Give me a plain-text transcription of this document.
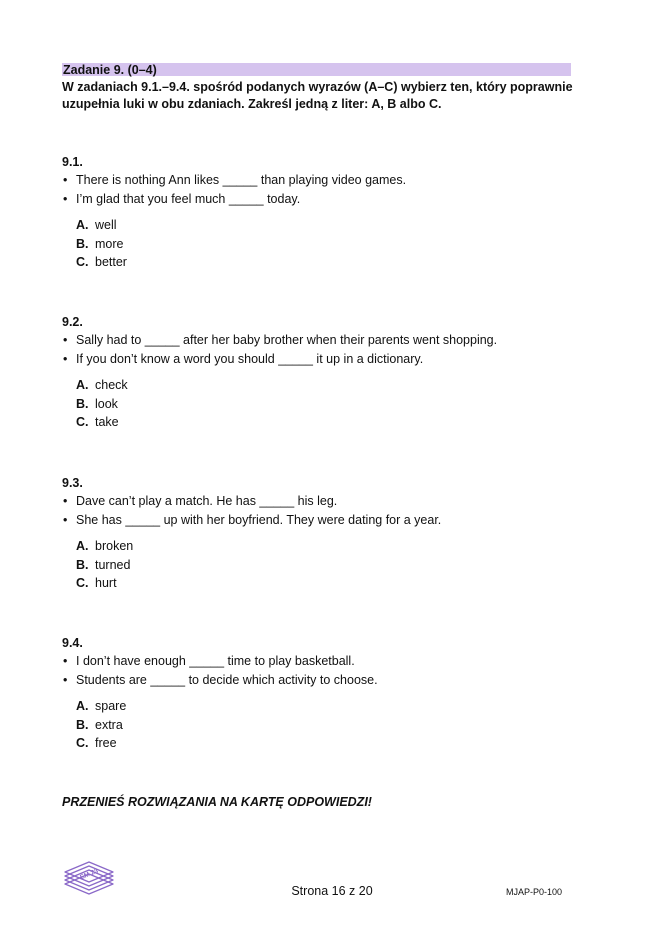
Zadanie 9. (0–4)
W zadaniach 9.1.–9.4. spośród podanych wyrazów (A–C) wybierz ten, który poprawnie uzupełnia luki w obu zdaniach. Zakreśl jedną z liter: A, B albo C.
9.1.
• There is nothing Ann likes _____ than playing video games.
• I’m glad that you feel much _____ today.
A. well
B. more
C. better
9.2.
• Sally had to _____ after her baby brother when their parents went shopping.
• If you don’t know a word you should _____ it up in a dictionary.
A. check
B. look
C. take
9.3.
• Dave can’t play a match. He has _____ his leg.
• She has _____ up with her boyfriend. They were dating for a year.
A. broken
B. turned
C. hurt
9.4.
• I don’t have enough _____ time to play basketball.
• Students are _____ to decide which activity to choose.
A. spare
B. extra
C. free
PRZENIEŚ ROZWIĄZANIA NA KARTĘ ODPOWIEDZI!
EM 23
Strona 16 z 20	MJAP-P0-100
